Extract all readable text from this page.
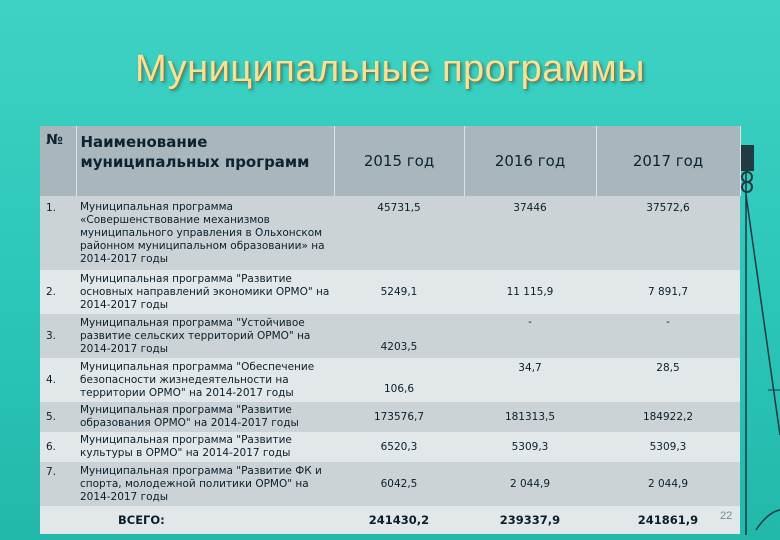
Муниципальные программы
№	Наименование муниципальных программ	2015 год	2016 год	2017 год
1.	Муниципальная программа «Совершенствование механизмов муниципального управления в Ольхонском районном муниципальном образовании» на 2014-2017 годы	45731,5	37446	37572,6
2.	Муниципальная программа "Развитие основных направлений экономики ОРМО" на 2014-2017 годы	5249,1	11 115,9	7 891,7
3.	Муниципальная программа "Устойчивое развитие сельских территорий ОРМО" на 2014-2017 годы	4203,5	-	-
4.	Муниципальная программа "Обеспечение безопасности жизнедеятельности на территории ОРМО" на 2014-2017 годы	106,6	34,7	28,5
5.	Муниципальная программа "Развитие образования ОРМО" на 2014-2017 годы	173576,7	181313,5	184922,2
6.	Муниципальная программа "Развитие культуры в ОРМО" на 2014-2017 годы	6520,3	5309,3	5309,3
7.	Муниципальная программа "Развитие ФК и спорта, молодежной политики ОРМО" на 2014-2017 годы	6042,5	2 044,9	2 044,9
	ВСЕГО:	241430,2	239337,9	241861,9 22
